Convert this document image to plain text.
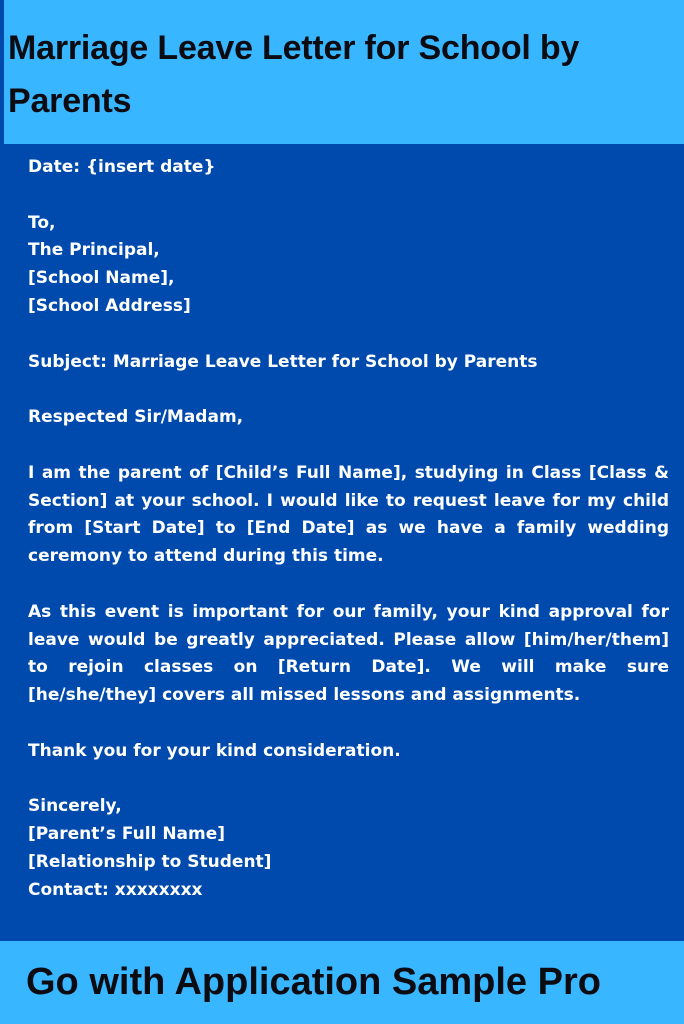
Marriage Leave Letter for School by Parents
Date: {insert date}
To,
The Principal,
[School Name],
[School Address]
Subject: Marriage Leave Letter for School by Parents
Respected Sir/Madam,
I am the parent of [Child’s Full Name], studying in Class [Class & Section] at your school. I would like to request leave for my child from [Start Date] to [End Date] as we have a family wedding ceremony to attend during this time.
As this event is important for our family, your kind approval for leave would be greatly appreciated. Please allow [him/her/them] to rejoin classes on [Return Date]. We will make sure [he/she/they] covers all missed lessons and assignments.
Thank you for your kind consideration.
Sincerely,
[Parent’s Full Name]
[Relationship to Student]
Contact: xxxxxxxx
Go with Application Sample Pro
